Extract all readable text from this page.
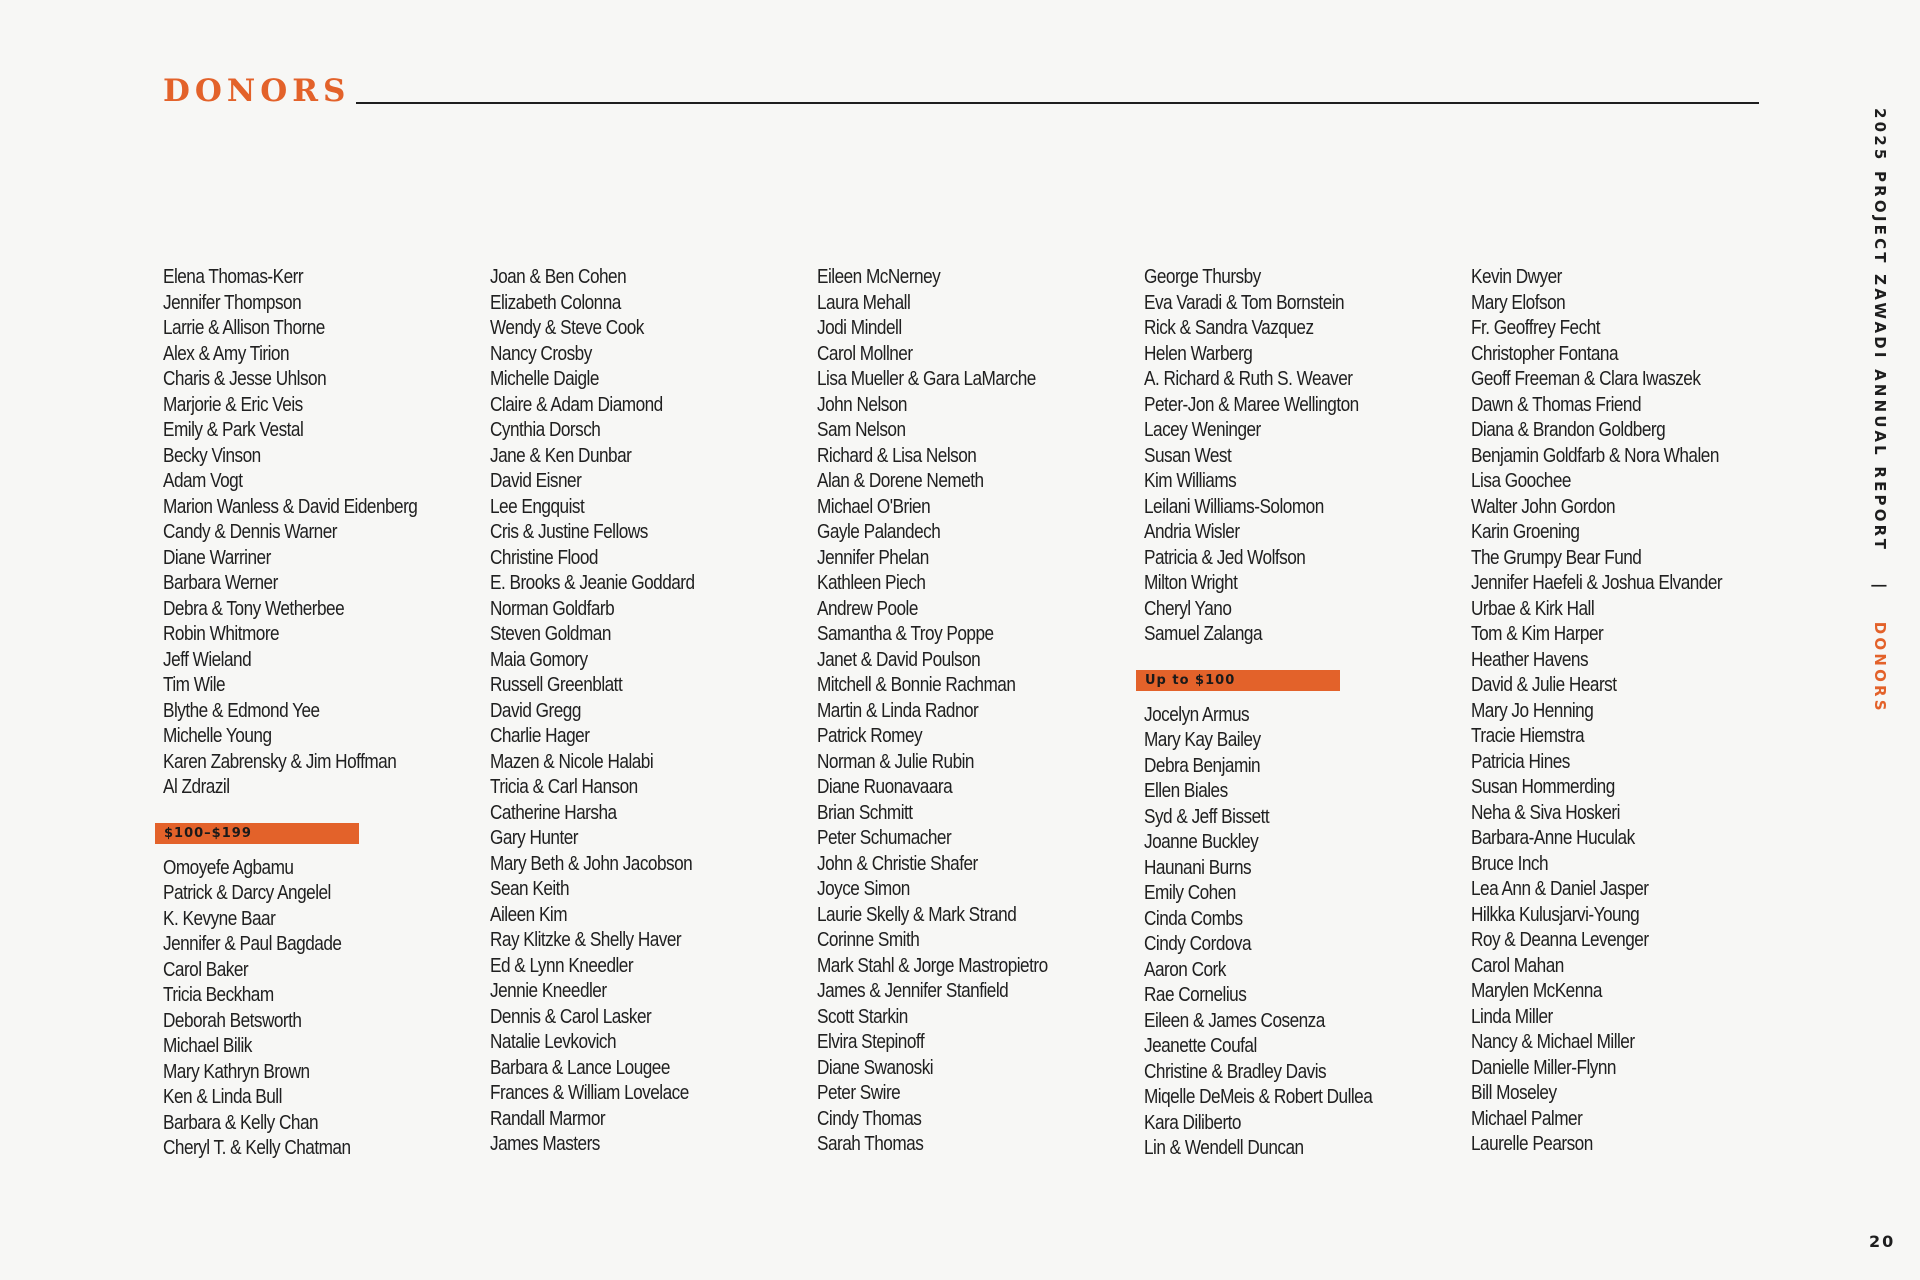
DONORS
Elena Thomas-Kerr
Jennifer Thompson
Larrie & Allison Thorne
Alex & Amy Tirion
Charis & Jesse Uhlson
Marjorie & Eric Veis
Emily & Park Vestal
Becky Vinson
Adam Vogt
Marion Wanless & David Eidenberg
Candy & Dennis Warner
Diane Warriner
Barbara Werner
Debra & Tony Wetherbee
Robin Whitmore
Jeff Wieland
Tim Wile
Blythe & Edmond Yee
Michelle Young
Karen Zabrensky & Jim Hoffman
Al Zdrazil
$100–$199
Omoyefe Agbamu
Patrick & Darcy Angelel
K. Kevyne Baar
Jennifer & Paul Bagdade
Carol Baker
Tricia Beckham
Deborah Betsworth
Michael Bilik
Mary Kathryn Brown
Ken & Linda Bull
Barbara & Kelly Chan
Cheryl T. & Kelly Chatman
Joan & Ben Cohen
Elizabeth Colonna
Wendy & Steve Cook
Nancy Crosby
Michelle Daigle
Claire & Adam Diamond
Cynthia Dorsch
Jane & Ken Dunbar
David Eisner
Lee Engquist
Cris & Justine Fellows
Christine Flood
E. Brooks & Jeanie Goddard
Norman Goldfarb
Steven Goldman
Maia Gomory
Russell Greenblatt
David Gregg
Charlie Hager
Mazen & Nicole Halabi
Tricia & Carl Hanson
Catherine Harsha
Gary Hunter
Mary Beth & John Jacobson
Sean Keith
Aileen Kim
Ray Klitzke & Shelly Haver
Ed & Lynn Kneedler
Jennie Kneedler
Dennis & Carol Lasker
Natalie Levkovich
Barbara & Lance Lougee
Frances & William Lovelace
Randall Marmor
James Masters
Eileen McNerney
Laura Mehall
Jodi Mindell
Carol Mollner
Lisa Mueller & Gara LaMarche
John Nelson
Sam Nelson
Richard & Lisa Nelson
Alan & Dorene Nemeth
Michael O'Brien
Gayle Palandech
Jennifer Phelan
Kathleen Piech
Andrew Poole
Samantha & Troy Poppe
Janet & David Poulson
Mitchell & Bonnie Rachman
Martin & Linda Radnor
Patrick Romey
Norman & Julie Rubin
Diane Ruonavaara
Brian Schmitt
Peter Schumacher
John & Christie Shafer
Joyce Simon
Laurie Skelly & Mark Strand
Corinne Smith
Mark Stahl & Jorge Mastropietro
James & Jennifer Stanfield
Scott Starkin
Elvira Stepinoff
Diane Swanoski
Peter Swire
Cindy Thomas
Sarah Thomas
George Thursby
Eva Varadi & Tom Bornstein
Rick & Sandra Vazquez
Helen Warberg
A. Richard & Ruth S. Weaver
Peter-Jon & Maree Wellington
Lacey Weninger
Susan West
Kim Williams
Leilani Williams-Solomon
Andria Wisler
Patricia & Jed Wolfson
Milton Wright
Cheryl Yano
Samuel Zalanga
Up to $100
Jocelyn Armus
Mary Kay Bailey
Debra Benjamin
Ellen Biales
Syd & Jeff Bissett
Joanne Buckley
Haunani Burns
Emily Cohen
Cinda Combs
Cindy Cordova
Aaron Cork
Rae Cornelius
Eileen & James Cosenza
Jeanette Coufal
Christine & Bradley Davis
Miqelle DeMeis & Robert Dullea
Kara Diliberto
Lin & Wendell Duncan
Kevin Dwyer
Mary Elofson
Fr. Geoffrey Fecht
Christopher Fontana
Geoff Freeman & Clara Iwaszek
Dawn & Thomas Friend
Diana & Brandon Goldberg
Benjamin Goldfarb & Nora Whalen
Lisa Goochee
Walter John Gordon
Karin Groening
The Grumpy Bear Fund
Jennifer Haefeli & Joshua Elvander
Urbae & Kirk Hall
Tom & Kim Harper
Heather Havens
David & Julie Hearst
Mary Jo Henning
Tracie Hiemstra
Patricia Hines
Susan Hommerding
Neha & Siva Hoskeri
Barbara-Anne Huculak
Bruce Inch
Lea Ann & Daniel Jasper
Hilkka Kulusjarvi-Young
Roy & Deanna Levenger
Carol Mahan
Marylen McKenna
Linda Miller
Nancy & Michael Miller
Danielle Miller-Flynn
Bill Moseley
Michael Palmer
Laurelle Pearson
2025 PROJECT ZAWADI ANNUAL REPORT | DONORS
20
